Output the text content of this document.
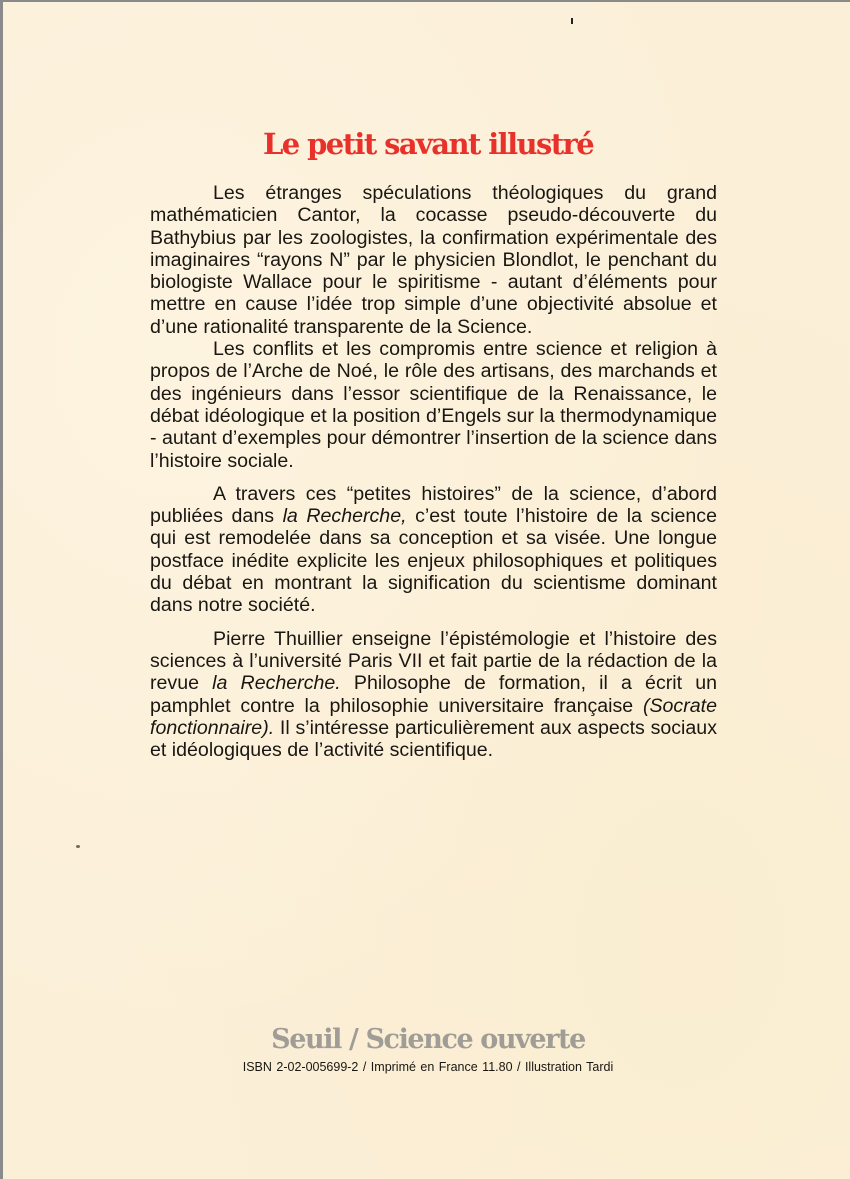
Le petit savant illustré

Les étranges spéculations théologiques du grand mathématicien Cantor, la cocasse pseudo-découverte du Bathybius par les zoologistes, la confirmation expérimentale des imaginaires “rayons N” par le physicien Blondlot, le penchant du biologiste Wallace pour le spiritisme - autant d’éléments pour mettre en cause l’idée trop simple d’une objectivité absolue et d’une rationalité transparente de la Science.

Les conflits et les compromis entre science et religion à propos de l’Arche de Noé, le rôle des artisans, des marchands et des ingénieurs dans l’essor scientifique de la Renaissance, le débat idéologique et la position d’Engels sur la thermodynamique - autant d’exemples pour démontrer l’insertion de la science dans l’histoire sociale.

A travers ces “petites histoires” de la science, d’abord publiées dans la Recherche, c’est toute l’histoire de la science qui est remodelée dans sa conception et sa visée. Une longue postface inédite explicite les enjeux philosophiques et politiques du débat en montrant la signification du scientisme dominant dans notre société.

Pierre Thuillier enseigne l’épistémologie et l’histoire des sciences à l’université Paris VII et fait partie de la rédaction de la revue la Recherche. Philosophe de formation, il a écrit un pamphlet contre la philosophie universitaire française (Socrate fonctionnaire). Il s’intéresse particulièrement aux aspects sociaux et idéologiques de l’activité scientifique.

Seuil / Science ouverte
ISBN 2-02-005699-2 / Imprimé en France 11.80 / Illustration Tardi
